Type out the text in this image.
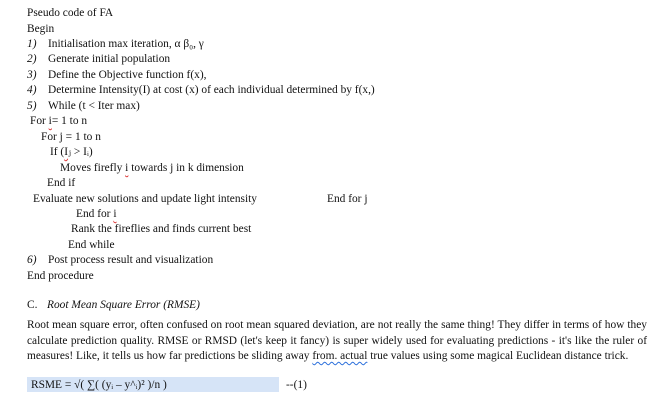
Pseudo code of FA
Begin
1) Initialisation max iteration, α β₀, γ
2) Generate initial population
3) Define the Objective function f(x),
4) Determine Intensity(I) at cost (x) of each individual determined by f(x,)
5) While (t < Iter max)
For i= 1 to n
For j = 1 to n
If (Iⱼ > Iᵢ)
Moves firefly i towards j in k dimension
End if
Evaluate new solutions and update light intensity	End for j
End for i
Rank the fireflies and finds current best
End while
6) Post process result and visualization
End procedure
C. Root Mean Square Error (RMSE)

Root mean square error, often confused on root mean squared deviation, are not really the same thing! They differ in terms of how they calculate prediction quality. RMSE or RMSD (let's keep it fancy) is super widely used for evaluating predictions - it's like the ruler of measures! Like, it tells us how far predictions be sliding away from. actual true values using some magical Euclidean distance trick.

RSME = √( ∑( (yᵢ – y^ᵢ)² )/n )	--(1)
